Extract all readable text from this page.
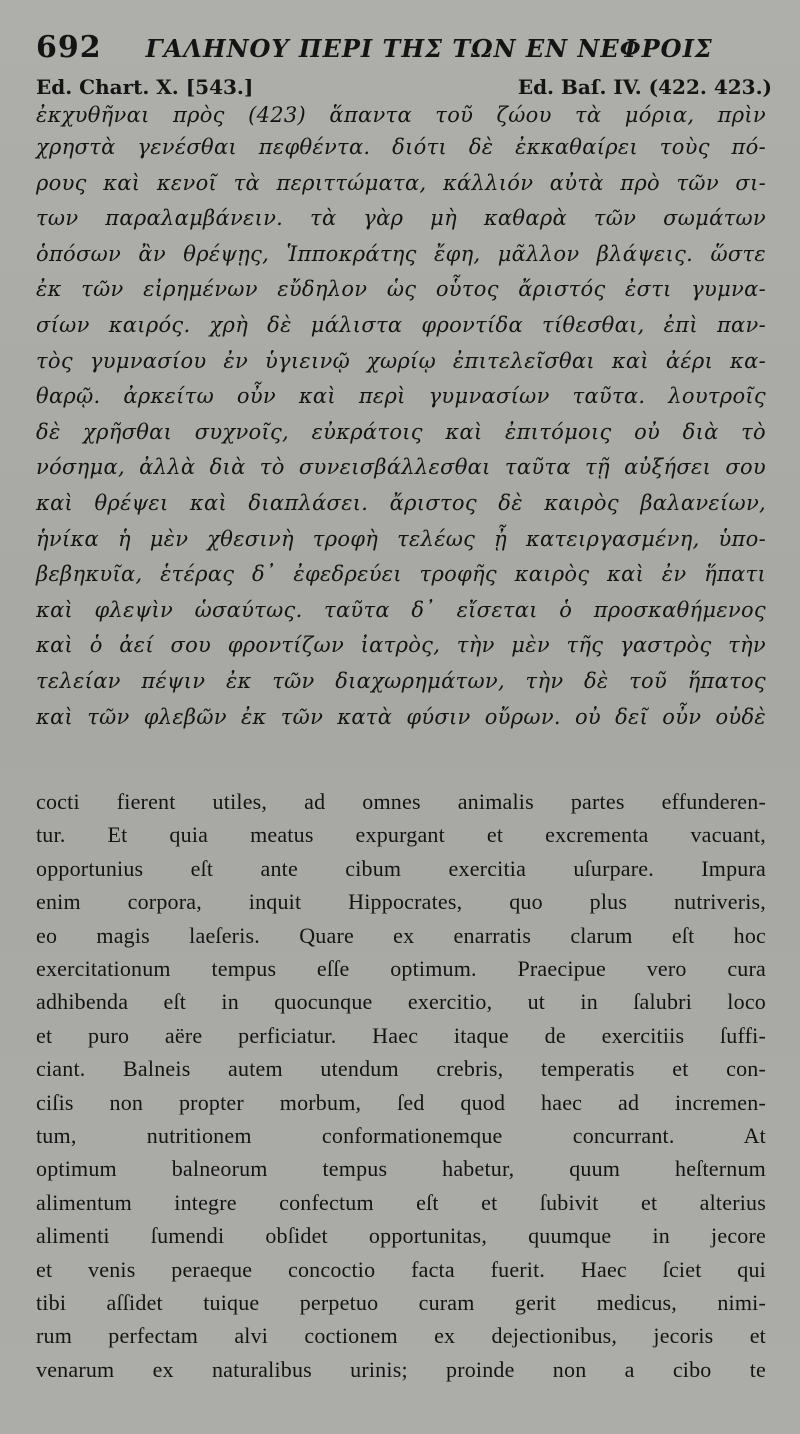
692 ΓΑΛΗΝΟΥ ΠΕΡΙ ΤΗΣ ΤΩΝ ΕΝ ΝΕΦΡΟΙΣ
Ed. Chart. X. [543.]	Ed. Baſ. IV. (422. 423.)
ἐκχυθῆναι πρὸς (423) ἅπαντα τοῦ ζώου τὰ μόρια, πρὶν
χρηστὰ γενέσθαι πεφθέντα. διότι δὲ ἐκκαθαίρει τοὺς πό-
ρους καὶ κενοῖ τὰ περιττώματα, κάλλιόν αὐτὰ πρὸ τῶν σι-
των παραλαμβάνειν. τὰ γὰρ μὴ καθαρὰ τῶν σωμάτων
ὁπόσων ἂν θρέψῃς, Ἱπποκράτης ἔφη, μᾶλλον βλάψεις. ὥστε
ἐκ τῶν εἰρημένων εὔδηλον ὡς οὗτος ἄριστός ἐστι γυμνα-
σίων καιρός. χρὴ δὲ μάλιστα φροντίδα τίθεσθαι, ἐπὶ παν-
τὸς γυμνασίου ἐν ὑγιεινῷ χωρίῳ ἐπιτελεῖσθαι καὶ ἀέρι κα-
θαρῷ. ἀρκείτω οὖν καὶ περὶ γυμνασίων ταῦτα. λουτροῖς
δὲ χρῆσθαι συχνοῖς, εὐκράτοις καὶ ἐπιτόμοις οὐ διὰ τὸ
νόσημα, ἀλλὰ διὰ τὸ συνεισβάλλεσθαι ταῦτα τῇ αὐξήσει σου
καὶ θρέψει καὶ διαπλάσει. ἄριστος δὲ καιρὸς βαλανείων,
ἡνίκα ἡ μὲν χθεσινὴ τροφὴ τελέως ᾖ κατειργασμένη, ὑπο-
βεβηκυῖα, ἑτέρας δ᾽ ἐφεδρεύει τροφῆς καιρὸς καὶ ἐν ἥπατι
καὶ φλεψὶν ὡσαύτως. ταῦτα δ᾽ εἴσεται ὁ προσκαθήμενος
καὶ ὁ ἀεί σου φροντίζων ἰατρὸς, τὴν μὲν τῆς γαστρὸς τὴν
τελείαν πέψιν ἐκ τῶν διαχωρημάτων, τὴν δὲ τοῦ ἥπατος
καὶ τῶν φλεβῶν ἐκ τῶν κατὰ φύσιν οὔρων. οὐ δεῖ οὖν οὐδὲ
cocti fierent utiles, ad omnes animalis partes effunderen-
tur. Et quia meatus expurgant et excrementa vacuant,
opportunius eſt ante cibum exercitia uſurpare. Impura
enim corpora, inquit Hippocrates, quo plus nutriveris,
eo magis laeſeris. Quare ex enarratis clarum eſt hoc
exercitationum tempus eſſe optimum. Praecipue vero cura
adhibenda eſt in quocunque exercitio, ut in ſalubri loco
et puro aëre perficiatur. Haec itaque de exercitiis ſuffi-
ciant. Balneis autem utendum crebris, temperatis et con-
ciſis non propter morbum, ſed quod haec ad incremen-
tum, nutritionem conformationemque concurrant. At
optimum balneorum tempus habetur, quum heſternum
alimentum integre confectum eſt et ſubivit et alterius
alimenti ſumendi obſidet opportunitas, quumque in jecore
et venis peraeque concoctio facta fuerit. Haec ſciet qui
tibi aſſidet tuique perpetuo curam gerit medicus, nimi-
rum perfectam alvi coctionem ex dejectionibus, jecoris et
venarum ex naturalibus urinis; proinde non a cibo te
